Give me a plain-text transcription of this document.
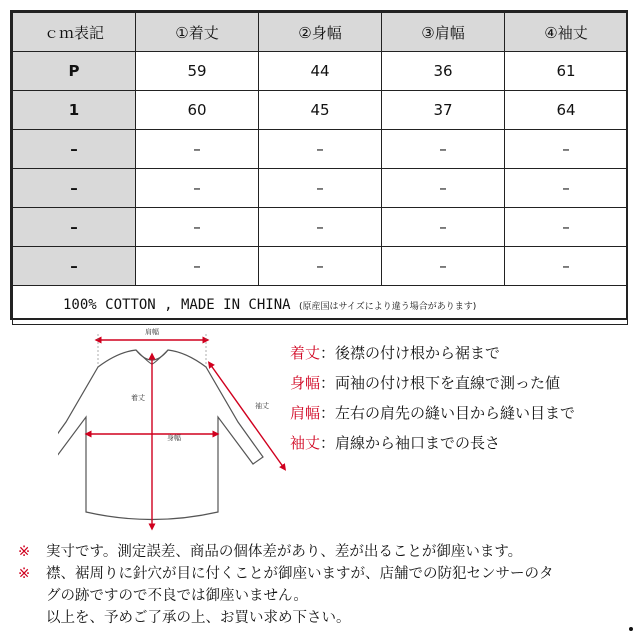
ｃｍ表記	①着丈	②身幅	③肩幅	④袖丈
P	59	44	36	61
1	60	45	37	64
–	–	–	–	–
–	–	–	–	–
–	–	–	–	–
–	–	–	–	–
100% COTTON , MADE IN CHINA (原産国はサイズにより違う場合があります)				
肩幅
着丈
身幅
袖丈
着丈：後襟の付け根から裾まで
身幅：両袖の付け根下を直線で測った値
肩幅：左右の肩先の縫い目から縫い目まで
袖丈：肩線から袖口までの長さ
※ 実寸です。測定誤差、商品の個体差があり、差が出ることが御座います。
※ 襟、裾周りに針穴が目に付くことが御座いますが、店舗での防犯センサーのタ
グの跡ですので不良では御座いません。
以上を、予めご了承の上、お買い求め下さい。
